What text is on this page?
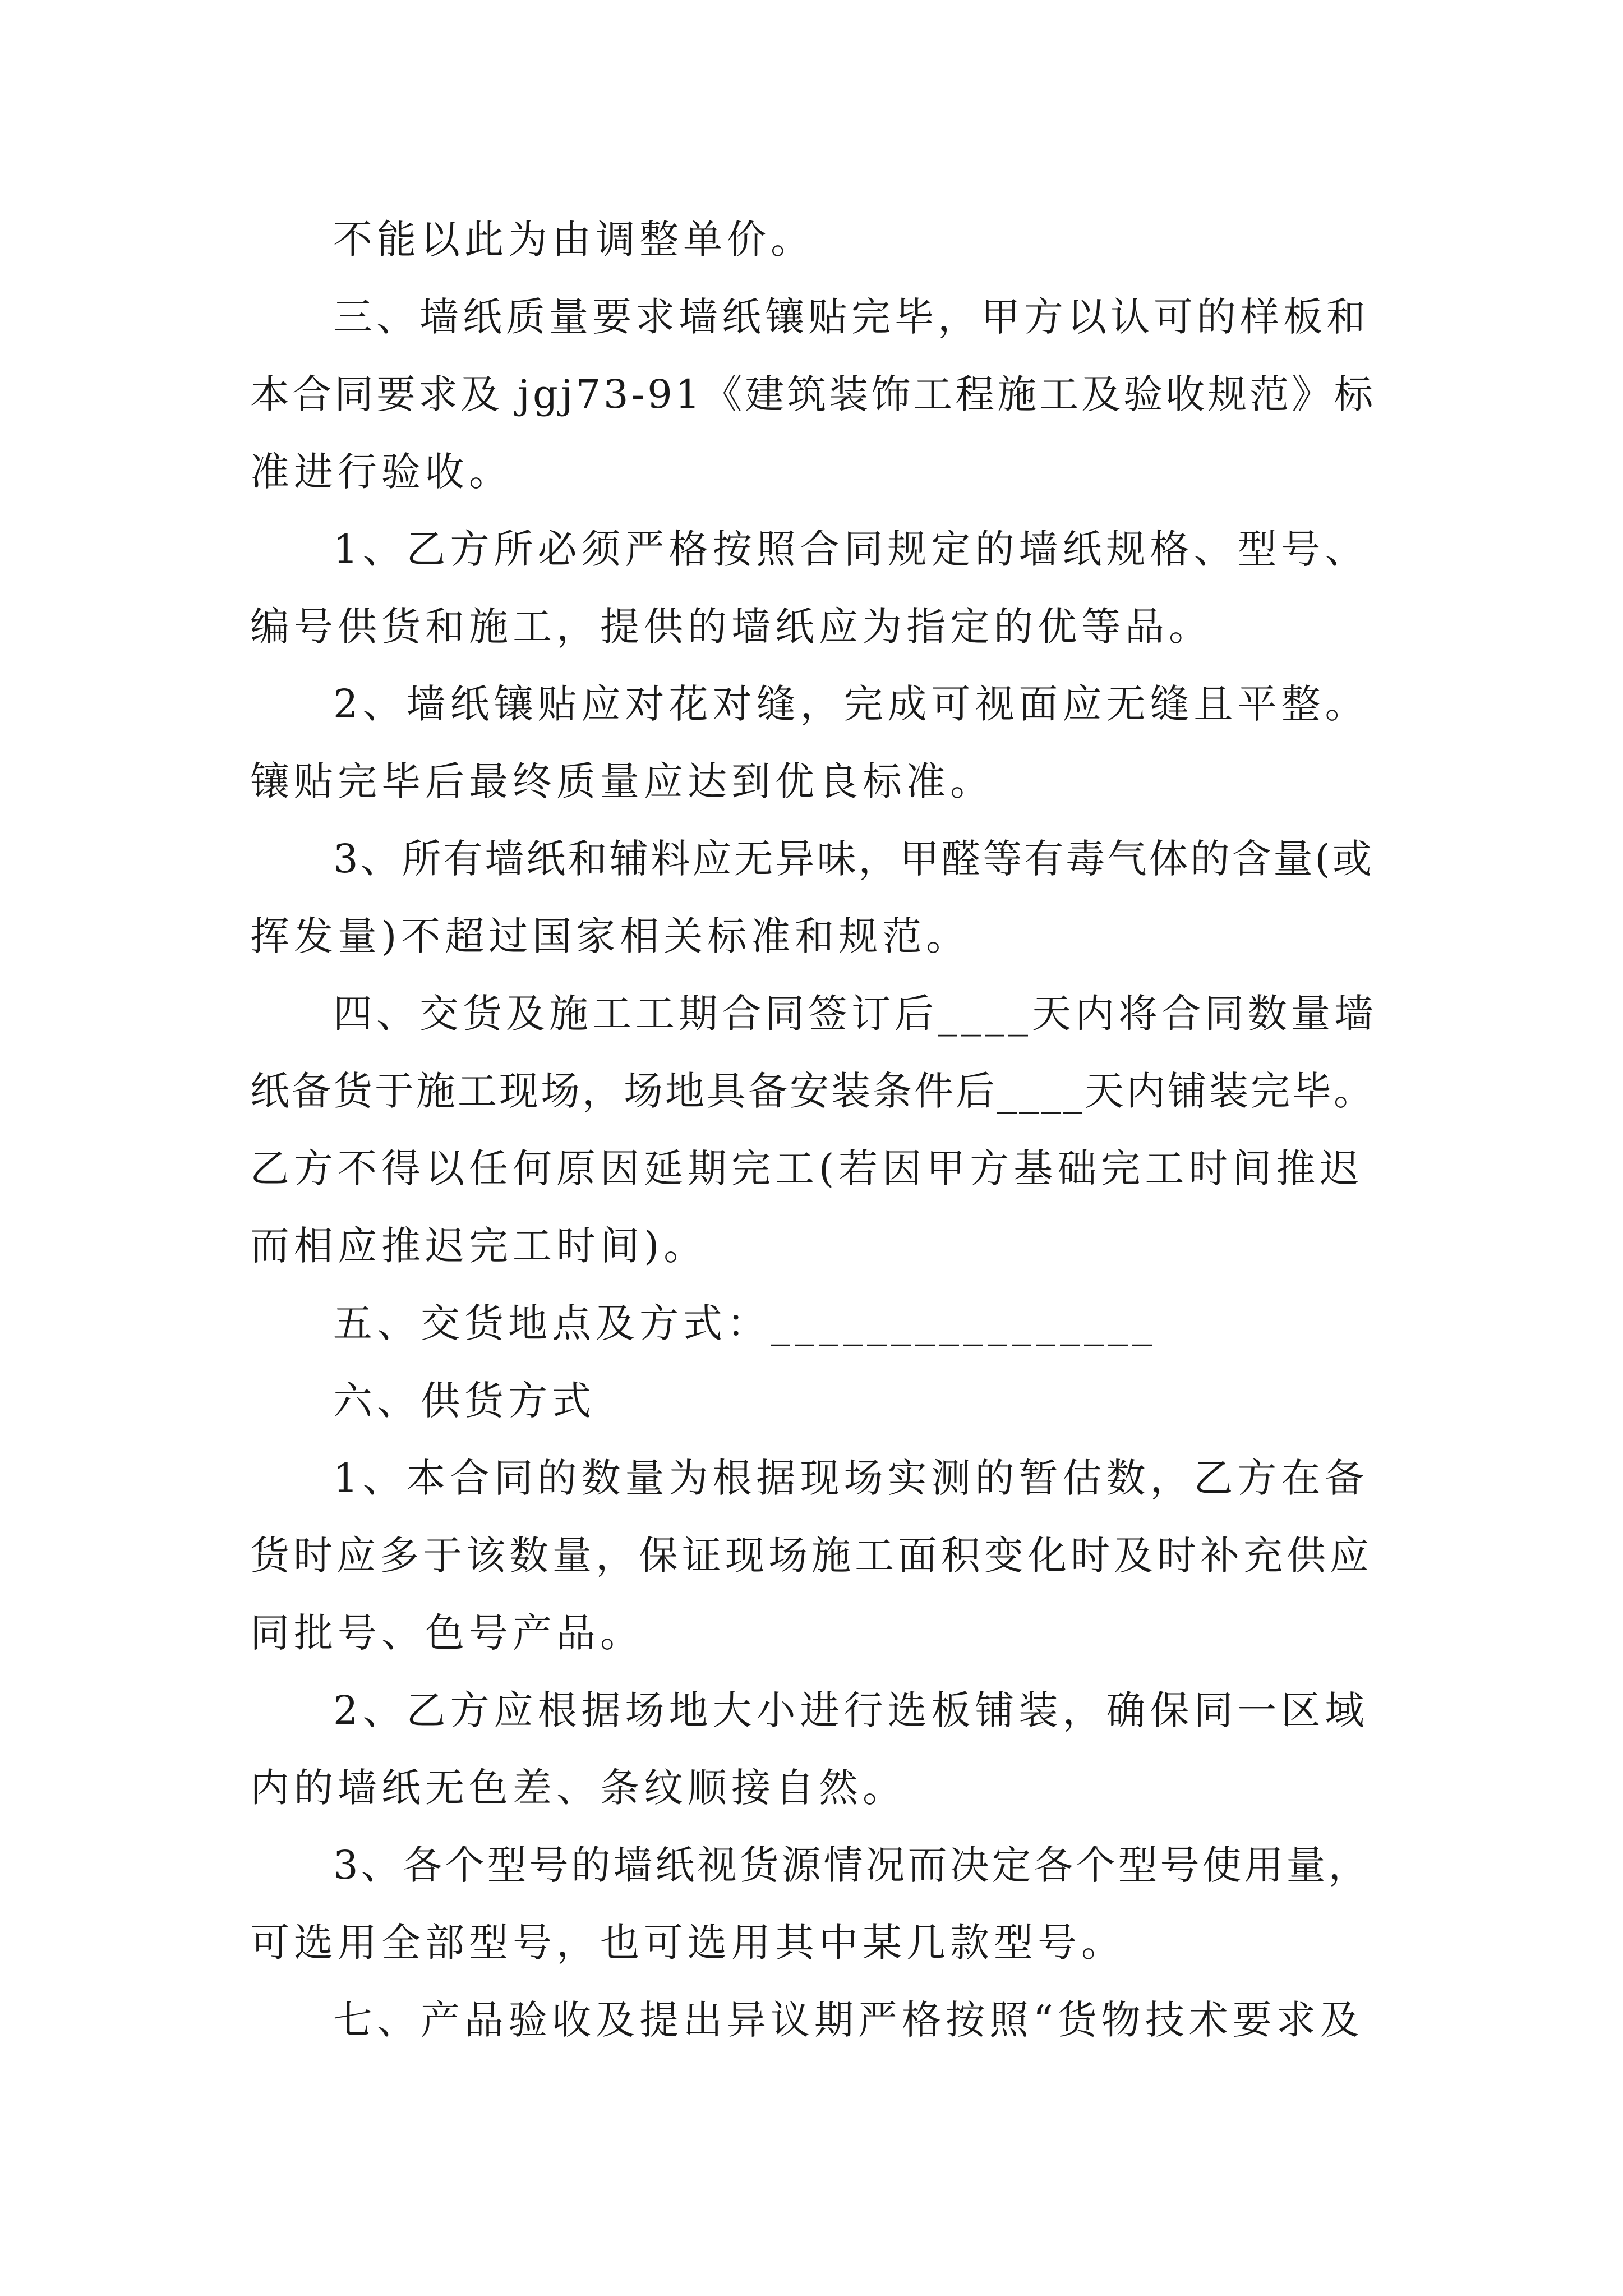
不能以此为由调整单价。
三、墙纸质量要求墙纸镶贴完毕，甲方以认可的样板和
本合同要求及 jgj73-91《建筑装饰工程施工及验收规范》标
准进行验收。
1、乙方所必须严格按照合同规定的墙纸规格、型号、
编号供货和施工，提供的墙纸应为指定的优等品。
2、墙纸镶贴应对花对缝，完成可视面应无缝且平整。
镶贴完毕后最终质量应达到优良标准。
3、所有墙纸和辅料应无异味，甲醛等有毒气体的含量(或
挥发量)不超过国家相关标准和规范。
四、交货及施工工期合同签订后____天内将合同数量墙
纸备货于施工现场，场地具备安装条件后____天内铺装完毕。
乙方不得以任何原因延期完工(若因甲方基础完工时间推迟
而相应推迟完工时间)。
五、交货地点及方式：________________
六、供货方式
1、本合同的数量为根据现场实测的暂估数，乙方在备
货时应多于该数量，保证现场施工面积变化时及时补充供应
同批号、色号产品。
2、乙方应根据场地大小进行选板铺装，确保同一区域
内的墙纸无色差、条纹顺接自然。
3、各个型号的墙纸视货源情况而决定各个型号使用量，
可选用全部型号，也可选用其中某几款型号。
七、产品验收及提出异议期严格按照“货物技术要求及
